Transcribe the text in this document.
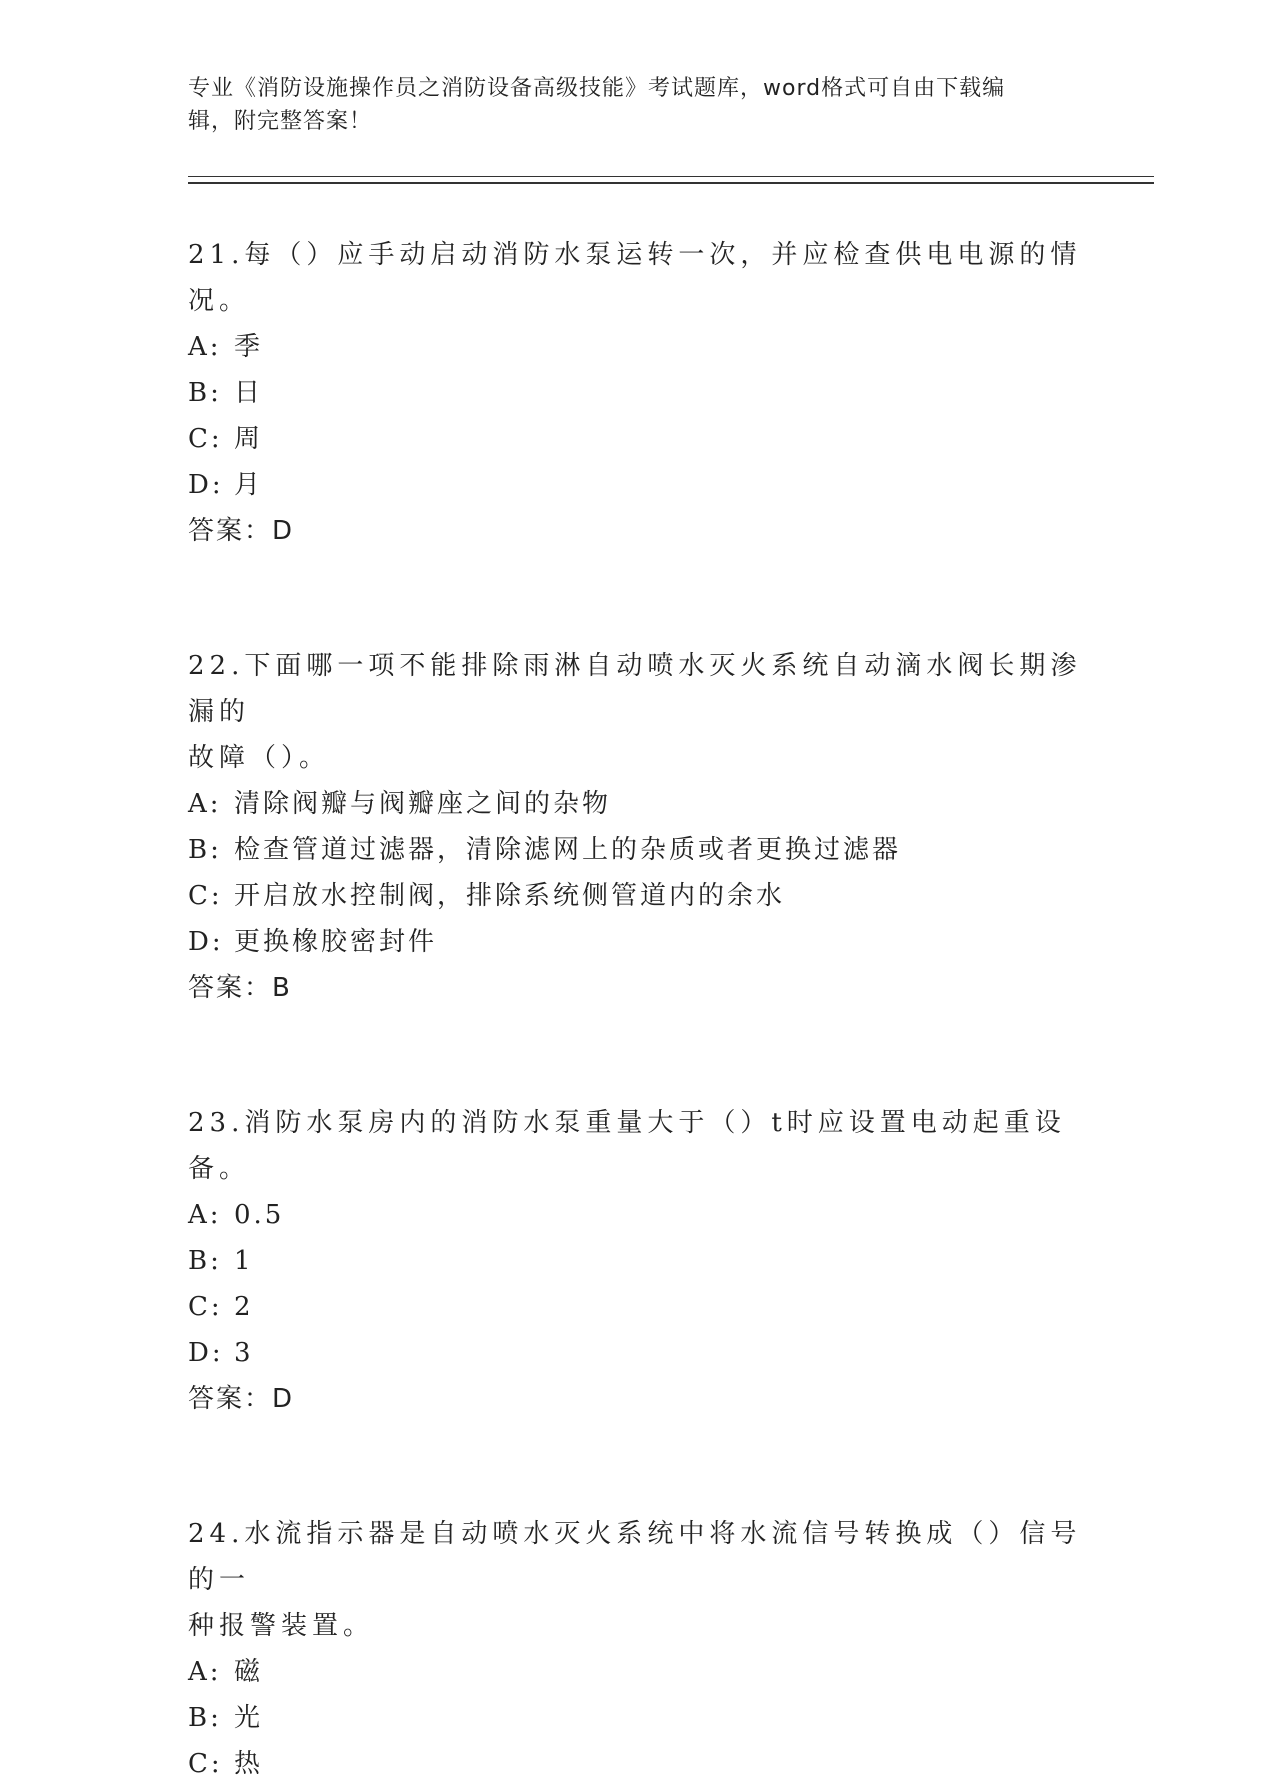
专业《消防设施操作员之消防设备高级技能》考试题库，word格式可自由下载编
辑，附完整答案！

21.每（）应手动启动消防水泵运转一次，并应检查供电电源的情况。

A: 季

B: 日

C: 周

D: 月

答案：D

22.下面哪一项不能排除雨淋自动喷水灭火系统自动滴水阀长期渗漏的

故障（）。

A: 清除阀瓣与阀瓣座之间的杂物

B: 检查管道过滤器，清除滤网上的杂质或者更换过滤器

C: 开启放水控制阀，排除系统侧管道内的余水

D: 更换橡胶密封件

答案：B

23.消防水泵房内的消防水泵重量大于（）t时应设置电动起重设备。

A: 0.5

B: 1

C: 2

D: 3

答案：D

24.水流指示器是自动喷水灭火系统中将水流信号转换成（）信号的一

种报警装置。

A: 磁

B: 光

C: 热
